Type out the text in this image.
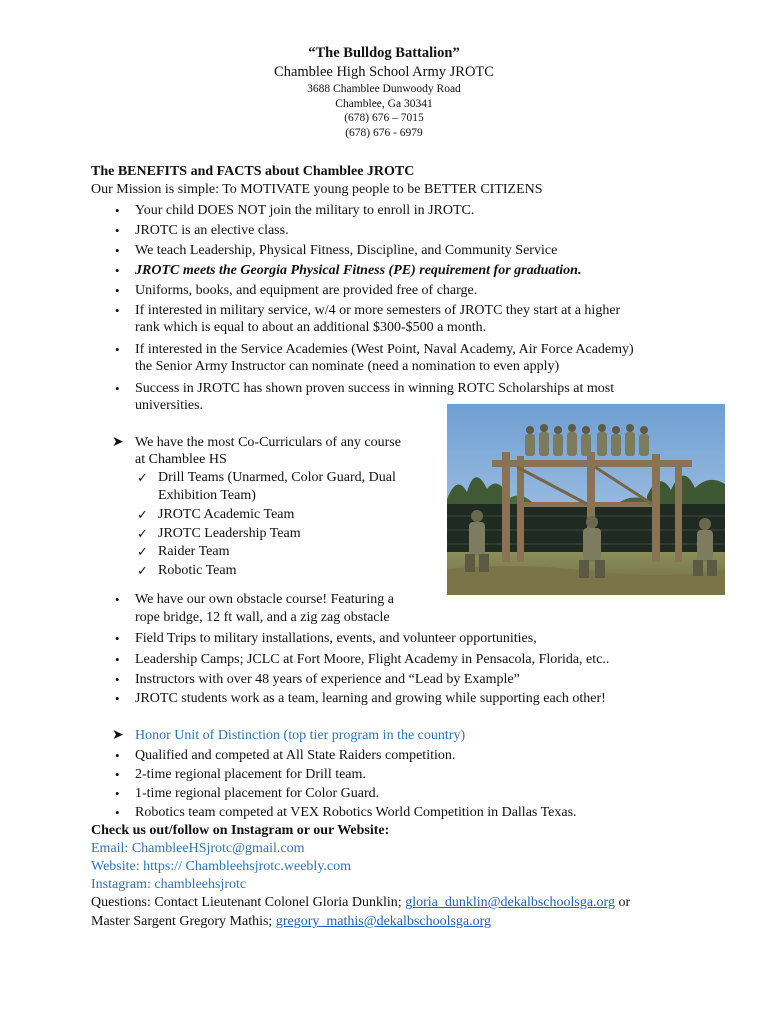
“The Bulldog Battalion”
Chamblee High School Army JROTC
3688 Chamblee Dunwoody Road
Chamblee, Ga 30341
(678) 676 – 7015
(678) 676 - 6979
The BENEFITS and FACTS about Chamblee JROTC
Our Mission is simple: To MOTIVATE young people to be BETTER CITIZENS
•
Your child DOES NOT join the military to enroll in JROTC.
•
JROTC is an elective class.
•
We teach Leadership, Physical Fitness, Discipline, and Community Service
•
JROTC meets the Georgia Physical Fitness (PE) requirement for graduation.
•
Uniforms, books, and equipment are provided free of charge.
•
If interested in military service, w/4 or more semesters of JROTC they start at a higher
rank which is equal to about an additional $300-$500 a month.
•
If interested in the Service Academies (West Point, Naval Academy, Air Force Academy)
the Senior Army Instructor can nominate (need a nomination to even apply)
•
Success in JROTC has shown proven success in winning ROTC Scholarships at most
universities.
➤ We have the most Co-Curriculars of any course
at Chamblee HS
✓ Drill Teams (Unarmed, Color Guard, Dual
Exhibition Team)
✓ JROTC Academic Team
✓ JROTC Leadership Team
✓ Raider Team
✓ Robotic Team
•
We have our own obstacle course! Featuring a
rope bridge, 12 ft wall, and a zig zag obstacle
•
Field Trips to military installations, events, and volunteer opportunities,
•
Leadership Camps; JCLC at Fort Moore, Flight Academy in Pensacola, Florida, etc..
•
Instructors with over 48 years of experience and “Lead by Example”
•
JROTC students work as a team, learning and growing while supporting each other!
➤ Honor Unit of Distinction (top tier program in the country)
•
Qualified and competed at All State Raiders competition.
•
2-time regional placement for Drill team.
•
1-time regional placement for Color Guard.
•
Robotics team competed at VEX Robotics World Competition in Dallas Texas.
Check us out/follow on Instagram or our Website:
Email: ChambleeHSjrotc@gmail.com
Website: https:// Chambleehsjrotc.weebly.com
Instagram: chambleehsjrotc
Questions: Contact Lieutenant Colonel Gloria Dunklin; gloria_dunklin@dekalbschoolsga.org or
Master Sargent Gregory Mathis; gregory_mathis@dekalbschoolsga.org
